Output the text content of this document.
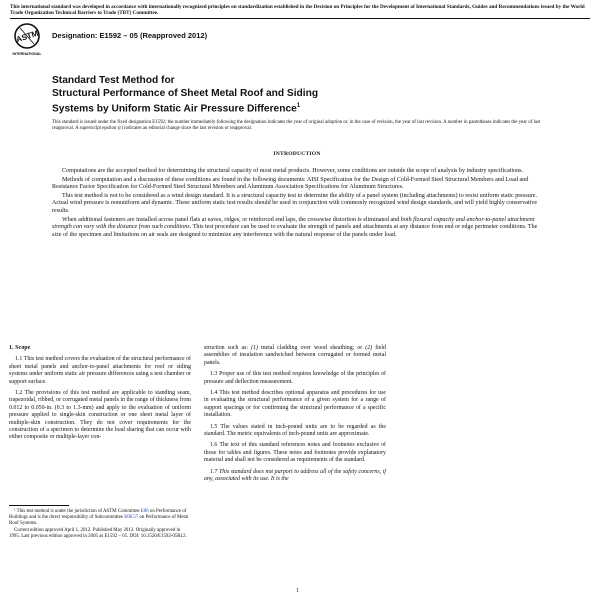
This international standard was developed in accordance with internationally recognized principles on standardization established in the Decision on Principles for the Development of International Standards, Guides and Recommendations issued by the World Trade Organization Technical Barriers to Trade (TBT) Committee.
ASTM
INTERNATIONAL
Designation: E1592 – 05 (Reapproved 2012)
Standard Test Method for
Structural Performance of Sheet Metal Roof and Siding
Systems by Uniform Static Air Pressure Difference$^1$
This standard is issued under the fixed designation E1592; the number immediately following the designation indicates the year of original adoption or, in the case of revision, the year of last revision. A number in parentheses indicates the year of last reapproval. A superscript epsilon (ε) indicates an editorial change since the last revision or reapproval.
INTRODUCTION

Computations are the accepted method for determining the structural capacity of most metal products. However, some conditions are outside the scope of analysis by industry specifications.

Methods of computation and a discussion of these conditions are found in the following documents: AISI Specification for the Design of Cold-Formed Steel Structural Members and Load and Resistance Factor Specification for Cold-Formed Steel Structural Members and Aluminum Association Specifications for Aluminum Structures.

This test method is not to be considered as a wind design standard. It is a structural capacity test to determine the ability of a panel system (including attachments) to resist uniform static pressure. Actual wind pressure is nonuniform and dynamic. These uniform static test results should be used in conjunction with commonly recognized wind design standards, and will yield highly conservative results.

When additional fasteners are installed across panel flats at eaves, ridges, or reinforced end laps, the crosswise distortion is eliminated and both flexural capacity and anchor-to-panel attachment strength can vary with the distance from such conditions. This test procedure can be used to evaluate the strength of panels and attachments at any distance from end or edge perimeter conditions. The size of the specimen and limitations on air seals are designed to minimize any interference with the natural response of the panels under load.

1. Scope

1.1 This test method covers the evaluation of the structural performance of sheet metal panels and anchor-to-panel attachments for roof or siding systems under uniform static air pressure differences using a test chamber or support surface.

1.2 The provisions of this test method are applicable to standing seam, trapezoidal, ribbed, or corrugated metal panels in the range of thickness from 0.012 to 0.050-in. (0.3 to 1.3-mm) and apply to the evaluation of uniform pressure applied to single-skin construction or one sheet metal layer of multiple-skin construction. They do not cover requirements for the construction of a specimen to determine the load sharing that can occur with either composite or multiple-layer con-

¹ This test method is under the jurisdiction of ASTM Committee E06 on Performance of Buildings and is the direct responsibility of Subcommittee E06.57 on Performance of Metal Roof Systems.

Current edition approved April 1, 2012. Published May 2012. Originally approved in 1995. Last previous edition approved in 2005 as E1592 – 05. DOI: 10.1520/E1592-05R12.

struction such as: (1) metal cladding over wood sheathing; or (2) field assemblies of insulation sandwiched between corrugated or formed metal panels.

1.3 Proper use of this test method requires knowledge of the principles of pressure and deflection measurement.

1.4 This test method describes optional apparatus and procedures for use in evaluating the structural performance of a given system for a range of support spacings or for confirming the structural performance of a specific installation.

1.5 The values stated in inch-pound units are to be regarded as the standard. The metric equivalents of inch-pound units are approximate.

1.6 The text of this standard references notes and footnotes exclusive of those for tables and figures. These notes and footnotes provide explanatory material and shall not be considered as requirements of the standard.

1.7 This standard does not purport to address all of the safety concerns, if any, associated with its use. It is the

1
